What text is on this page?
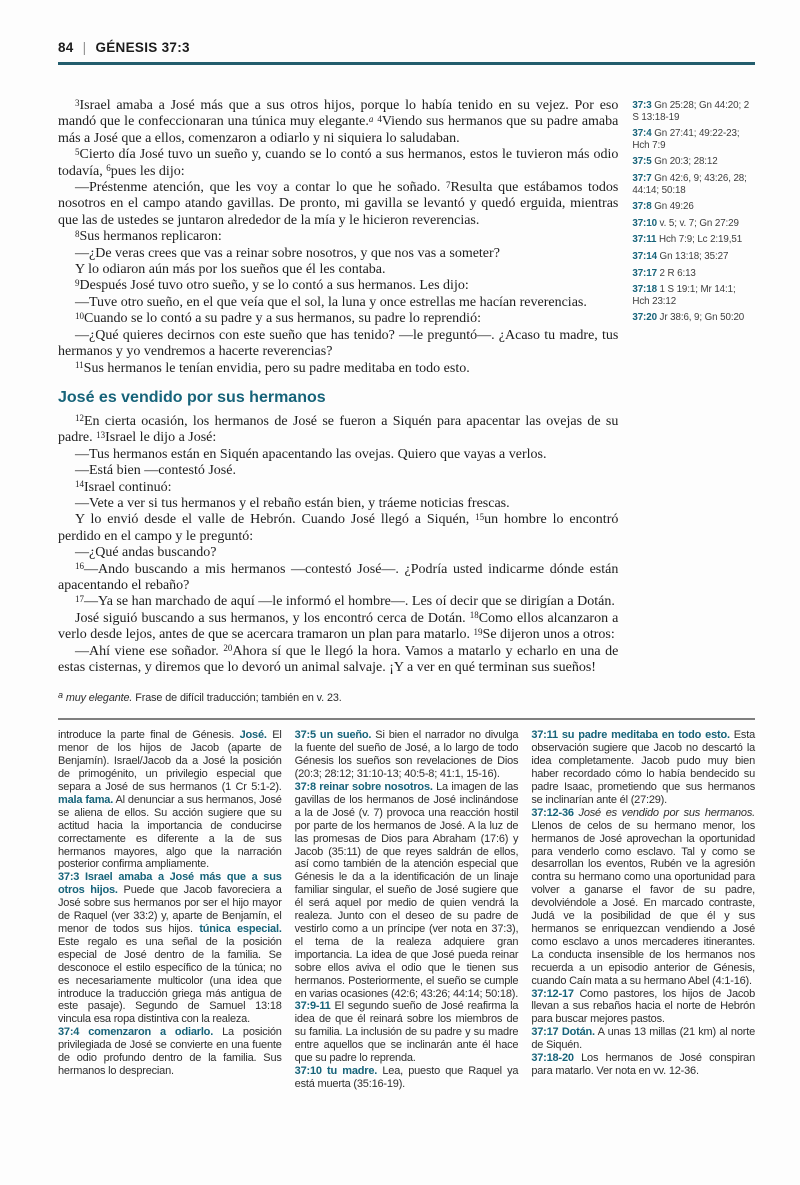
84 | GÉNESIS 37:3

$^3$Israel amaba a José más que a sus otros hijos, porque lo había tenido en su vejez. Por eso mandó que le confeccionaran una túnica muy elegante.$^a$ $^4$Viendo sus hermanos que su padre amaba más a José que a ellos, comenzaron a odiarlo y ni siquiera lo saludaban.

$^5$Cierto día José tuvo un sueño y, cuando se lo contó a sus hermanos, estos le tuvieron más odio todavía, $^6$pues les dijo:

—Préstenme atención, que les voy a contar lo que he soñado. $^7$Resulta que estábamos todos nosotros en el campo atando gavillas. De pronto, mi gavilla se levantó y quedó erguida, mientras que las de ustedes se juntaron alrededor de la mía y le hicieron reverencias.

$^8$Sus hermanos replicaron:

—¿De veras crees que vas a reinar sobre nosotros, y que nos vas a someter?

Y lo odiaron aún más por los sueños que él les contaba.

$^9$Después José tuvo otro sueño, y se lo contó a sus hermanos. Les dijo:

—Tuve otro sueño, en el que veía que el sol, la luna y once estrellas me hacían reverencias.

$^{10}$Cuando se lo contó a su padre y a sus hermanos, su padre lo reprendió:

—¿Qué quieres decirnos con este sueño que has tenido? —le preguntó—. ¿Acaso tu madre, tus hermanos y yo vendremos a hacerte reverencias?

$^{11}$Sus hermanos le tenían envidia, pero su padre meditaba en todo esto.

José es vendido por sus hermanos

$^{12}$En cierta ocasión, los hermanos de José se fueron a Siquén para apacentar las ovejas de su padre. $^{13}$Israel le dijo a José:

—Tus hermanos están en Siquén apacentando las ovejas. Quiero que vayas a verlos.

—Está bien —contestó José.

$^{14}$Israel continuó:

—Vete a ver si tus hermanos y el rebaño están bien, y tráeme noticias frescas.

Y lo envió desde el valle de Hebrón. Cuando José llegó a Siquén, $^{15}$un hombre lo encontró perdido en el campo y le preguntó:

—¿Qué andas buscando?

$^{16}$—Ando buscando a mis hermanos —contestó José—. ¿Podría usted indicarme dónde están apacentando el rebaño?

$^{17}$—Ya se han marchado de aquí —le informó el hombre—. Les oí decir que se dirigían a Dotán.

José siguió buscando a sus hermanos, y los encontró cerca de Dotán. $^{18}$Como ellos alcanzaron a verlo desde lejos, antes de que se acercara tramaron un plan para matarlo. $^{19}$Se dijeron unos a otros:

—Ahí viene ese soñador. $^{20}$Ahora sí que le llegó la hora. Vamos a matarlo y echarlo en una de estas cisternas, y diremos que lo devoró un animal salvaje. ¡Y a ver en qué terminan sus sueños!

37:3 Gn 25:28; Gn 44:20; 2 S 13:18-19
37:4 Gn 27:41; 49:22-23; Hch 7:9
37:5 Gn 20:3; 28:12
37:7 Gn 42:6, 9; 43:26, 28; 44:14; 50:18
37:8 Gn 49:26
37:10 v. 5; v. 7; Gn 27:29
37:11 Hch 7:9; Lc 2:19,51
37:14 Gn 13:18; 35:27
37:17 2 R 6:13
37:18 1 S 19:1; Mr 14:1; Hch 23:12
37:20 Jr 38:6, 9; Gn 50:20

$^a$ muy elegante. Frase de difícil traducción; también en v. 23.

introduce la parte final de Génesis. José. El menor de los hijos de Jacob (aparte de Benjamín). Israel/Jacob da a José la posición de primogénito, un privilegio especial que separa a José de sus hermanos (1 Cr 5:1-2). mala fama. Al denunciar a sus hermanos, José se aliena de ellos. Su acción sugiere que su actitud hacia la importancia de conducirse correctamente es diferente a la de sus hermanos mayores, algo que la narración posterior confirma ampliamente.

37:3 Israel amaba a José más que a sus otros hijos. Puede que Jacob favoreciera a José sobre sus hermanos por ser el hijo mayor de Raquel (ver 33:2) y, aparte de Benjamín, el menor de todos sus hijos. túnica especial. Este regalo es una señal de la posición especial de José dentro de la familia. Se desconoce el estilo específico de la túnica; no es necesariamente multicolor (una idea que introduce la traducción griega más antigua de este pasaje). Segundo de Samuel 13:18 vincula esa ropa distintiva con la realeza.

37:4 comenzaron a odiarlo. La posición privilegiada de José se convierte en una fuente de odio profundo dentro de la familia. Sus hermanos lo desprecian.

37:5 un sueño. Si bien el narrador no divulga la fuente del sueño de José, a lo largo de todo Génesis los sueños son revelaciones de Dios (20:3; 28:12; 31:10-13; 40:5-8; 41:1, 15-16).

37:8 reinar sobre nosotros. La imagen de las gavillas de los hermanos de José inclinándose a la de José (v. 7) provoca una reacción hostil por parte de los hermanos de José. A la luz de las promesas de Dios para Abraham (17:6) y Jacob (35:11) de que reyes saldrán de ellos, así como también de la atención especial que Génesis le da a la identificación de un linaje familiar singular, el sueño de José sugiere que él será aquel por medio de quien vendrá la realeza. Junto con el deseo de su padre de vestirlo como a un príncipe (ver nota en 37:3), el tema de la realeza adquiere gran importancia. La idea de que José pueda reinar sobre ellos aviva el odio que le tienen sus hermanos. Posteriormente, el sueño se cumple en varias ocasiones (42:6; 43:26; 44:14; 50:18).

37:9-11 El segundo sueño de José reafirma la idea de que él reinará sobre los miembros de su familia. La inclusión de su padre y su madre entre aquellos que se inclinarán ante él hace que su padre lo reprenda.

37:10 tu madre. Lea, puesto que Raquel ya está muerta (35:16-19).

37:11 su padre meditaba en todo esto. Esta observación sugiere que Jacob no descartó la idea completamente. Jacob pudo muy bien haber recordado cómo lo había bendecido su padre Isaac, prometiendo que sus hermanos se inclinarían ante él (27:29).

37:12-36 José es vendido por sus hermanos. Llenos de celos de su hermano menor, los hermanos de José aprovechan la oportunidad para venderlo como esclavo. Tal y como se desarrollan los eventos, Rubén ve la agresión contra su hermano como una oportunidad para volver a ganarse el favor de su padre, devolviéndole a José. En marcado contraste, Judá ve la posibilidad de que él y sus hermanos se enriquezcan vendiendo a José como esclavo a unos mercaderes itinerantes. La conducta insensible de los hermanos nos recuerda a un episodio anterior de Génesis, cuando Caín mata a su hermano Abel (4:1-16).

37:12-17 Como pastores, los hijos de Jacob llevan a sus rebaños hacia el norte de Hebrón para buscar mejores pastos.

37:17 Dotán. A unas 13 millas (21 km) al norte de Siquén.

37:18-20 Los hermanos de José conspiran para matarlo. Ver nota en vv. 12-36.
